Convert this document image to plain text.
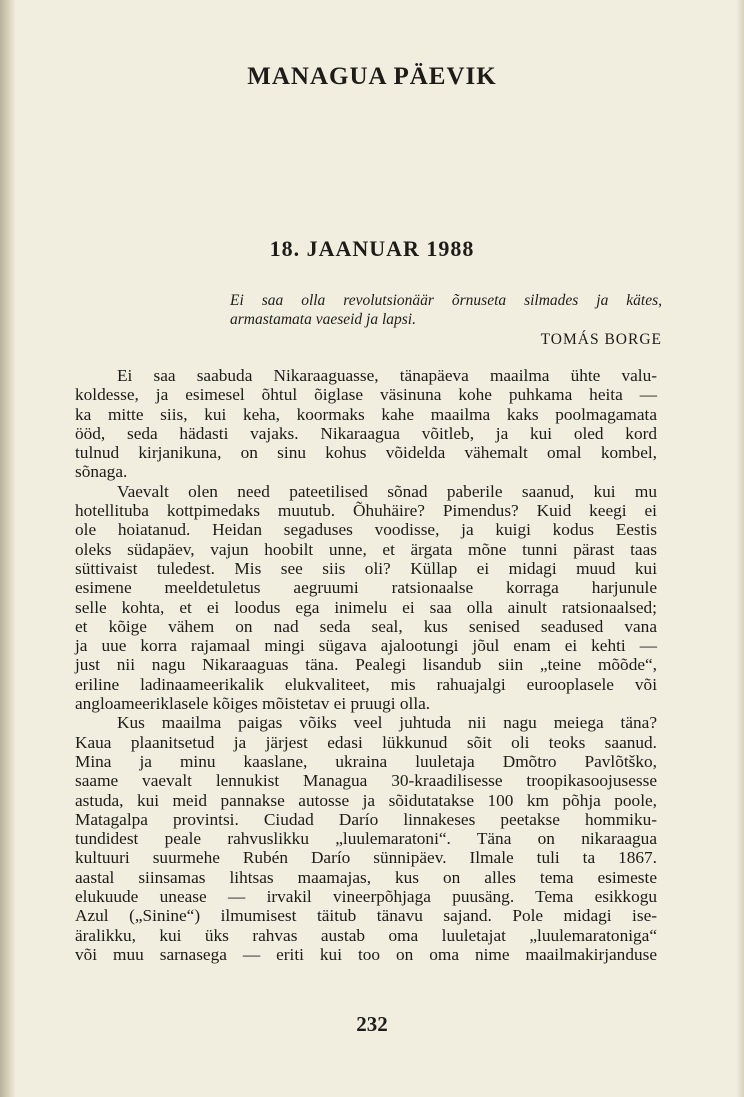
MANAGUA PÄEVIK
18. JAANUAR 1988
Ei saa olla revolutsionäär õrnuseta silmades ja kätes,
armastamata vaeseid ja lapsi.
TOMÁS BORGE
Ei saa saabuda Nikaraaguasse, tänapäeva maailma ühte valu-
koldesse, ja esimesel õhtul õiglase väsinuna kohe puhkama heita —
ka mitte siis, kui keha, koormaks kahe maailma kaks poolmagamata
ööd, seda hädasti vajaks. Nikaraagua võitleb, ja kui oled kord
tulnud kirjanikuna, on sinu kohus võidelda vähemalt omal kombel,
sõnaga.
Vaevalt olen need pateetilised sõnad paberile saanud, kui mu
hotellituba kottpimedaks muutub. Õhuhäire? Pimendus? Kuid keegi ei
ole hoiatanud. Heidan segaduses voodisse, ja kuigi kodus Eestis
oleks südapäev, vajun hoobilt unne, et ärgata mõne tunni pärast taas
süttivaist tuledest. Mis see siis oli? Küllap ei midagi muud kui
esimene meeldetuletus aegruumi ratsionaalse korraga harjunule
selle kohta, et ei loodus ega inimelu ei saa olla ainult ratsionaalsed;
et kõige vähem on nad seda seal, kus senised seadused vana
ja uue korra rajamaal mingi sügava ajalootungi jõul enam ei kehti —
just nii nagu Nikaraaguas täna. Pealegi lisandub siin „teine mõõde“,
eriline ladinaameerikalik elukvaliteet, mis rahuajalgi eurooplasele või
angloameeriklasele kõiges mõistetav ei pruugi olla.
Kus maailma paigas võiks veel juhtuda nii nagu meiega täna?
Kaua plaanitsetud ja järjest edasi lükkunud sõit oli teoks saanud.
Mina ja minu kaaslane, ukraina luuletaja Dmõtro Pavlõtško,
saame vaevalt lennukist Managua 30-kraadilisesse troopikasoojusesse
astuda, kui meid pannakse autosse ja sõidutatakse 100 km põhja poole,
Matagalpa provintsi. Ciudad Darío linnakeses peetakse hommiku-
tundidest peale rahvuslikku „luulemaratoni“. Täna on nikaraagua
kultuuri suurmehe Rubén Darío sünnipäev. Ilmale tuli ta 1867.
aastal siinsamas lihtsas maamajas, kus on alles tema esimeste
elukuude unease — irvakil vineerpõhjaga puusäng. Tema esikkogu
Azul („Sinine“) ilmumisest täitub tänavu sajand. Pole midagi ise-
äralikku, kui üks rahvas austab oma luuletajat „luulemaratoniga“
või muu sarnasega — eriti kui too on oma nime maailmakirjanduse
232
